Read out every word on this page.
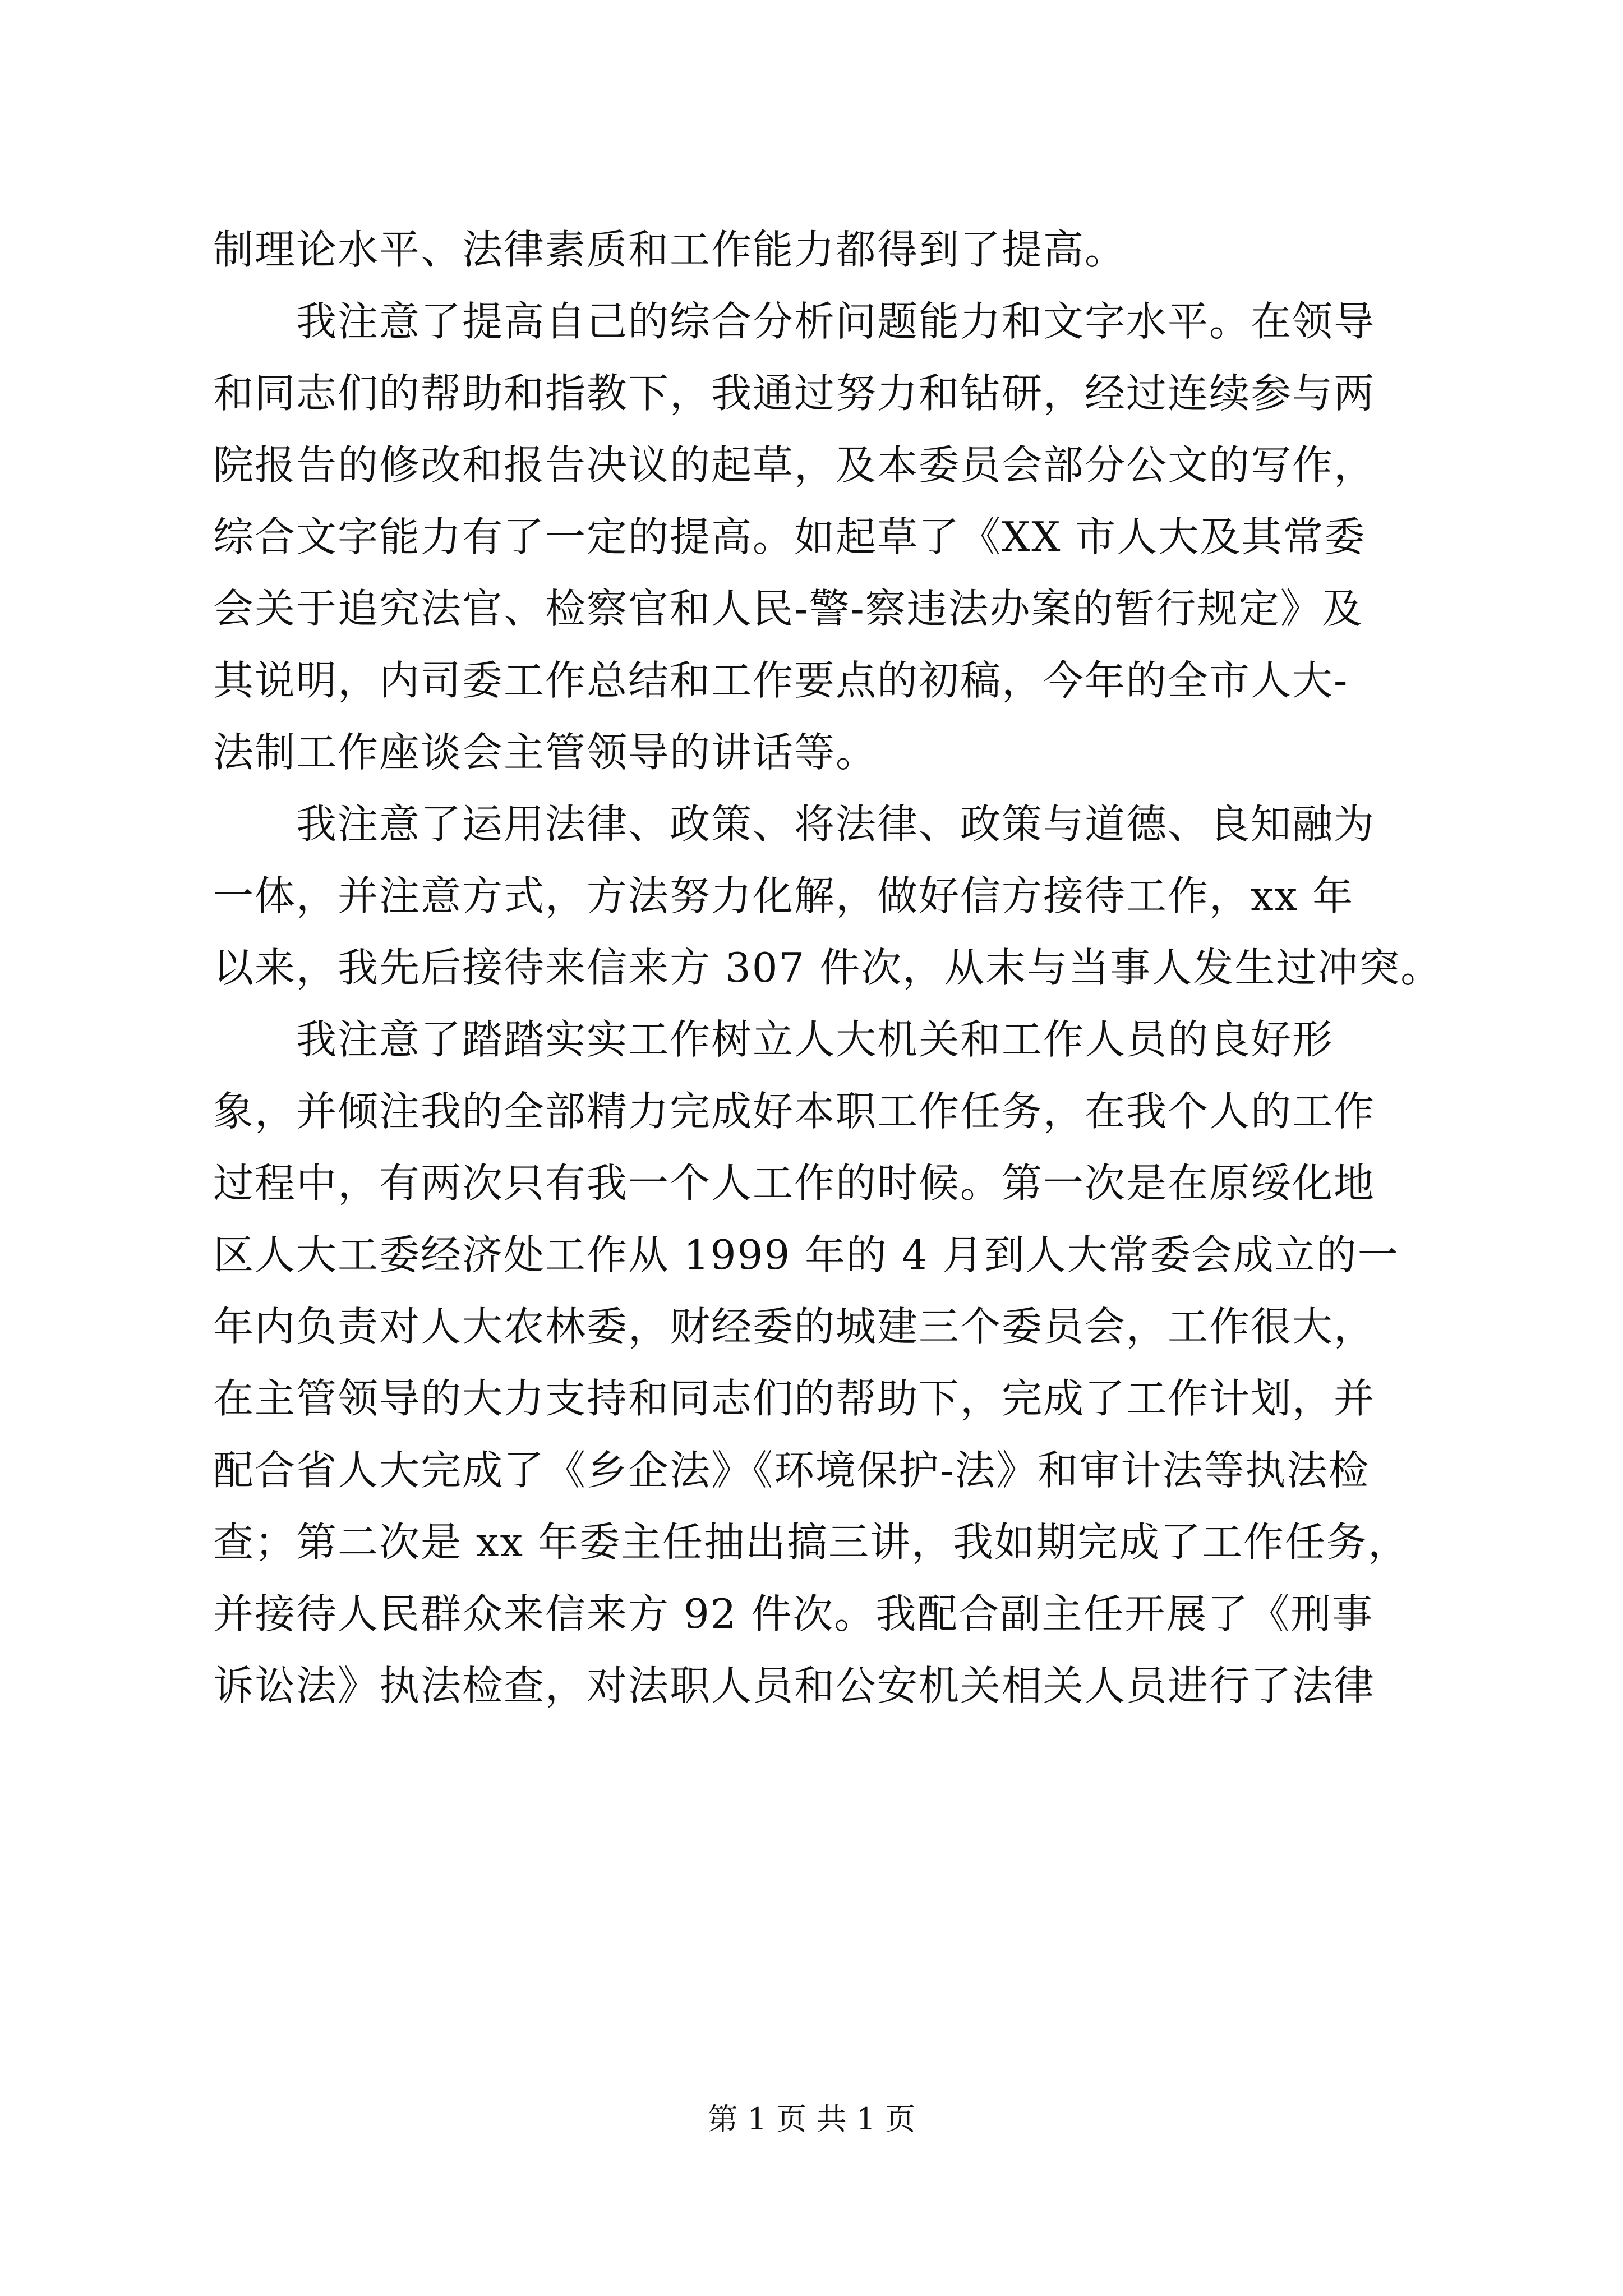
制理论水平、法律素质和工作能力都得到了提高。
　　我注意了提高自己的综合分析问题能力和文字水平。在领导
和同志们的帮助和指教下，我通过努力和钻研，经过连续参与两
院报告的修改和报告决议的起草，及本委员会部分公文的写作，
综合文字能力有了一定的提高。如起草了《XX 市人大及其常委
会关于追究法官、检察官和人民-警-察违法办案的暂行规定》及
其说明，内司委工作总结和工作要点的初稿，今年的全市人大-
法制工作座谈会主管领导的讲话等。
　　我注意了运用法律、政策、将法律、政策与道德、良知融为
一体，并注意方式，方法努力化解，做好信方接待工作，xx 年
以来，我先后接待来信来方 307 件次，从末与当事人发生过冲突。
　　我注意了踏踏实实工作树立人大机关和工作人员的良好形
象，并倾注我的全部精力完成好本职工作任务，在我个人的工作
过程中，有两次只有我一个人工作的时候。第一次是在原绥化地
区人大工委经济处工作从 1999 年的 4 月到人大常委会成立的一
年内负责对人大农林委，财经委的城建三个委员会，工作很大，
在主管领导的大力支持和同志们的帮助下，完成了工作计划，并
配合省人大完成了《乡企法》《环境保护-法》和审计法等执法检
查；第二次是 xx 年委主任抽出搞三讲，我如期完成了工作任务，
并接待人民群众来信来方 92 件次。我配合副主任开展了《刑事
诉讼法》执法检查，对法职人员和公安机关相关人员进行了法律
第 1 页 共 1 页
